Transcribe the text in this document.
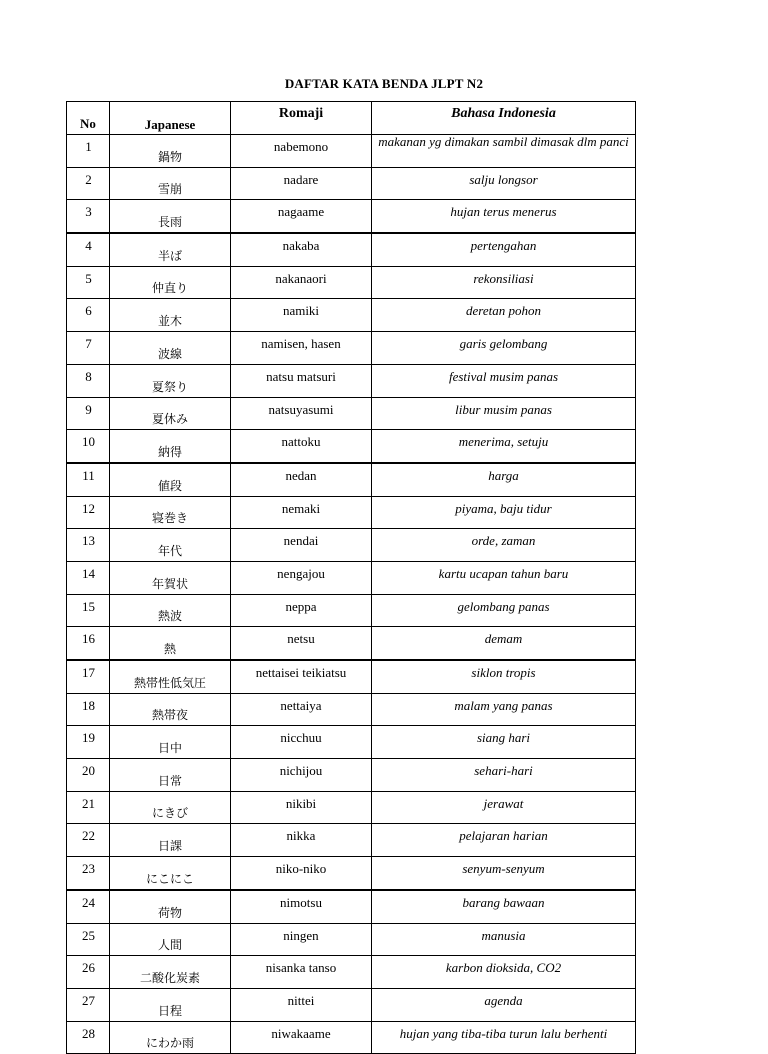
DAFTAR KATA BENDA JLPT N2
No	Japanese	Romaji	Bahasa Indonesia
1	鍋物	nabemono	makanan yg dimakan sambil dimasak dlm panci
2	雪崩	nadare	salju longsor
3	長雨	nagaame	hujan terus menerus
4	半ば	nakaba	pertengahan
5	仲直り	nakanaori	rekonsiliasi
6	並木	namiki	deretan pohon
7	波線	namisen, hasen	garis gelombang
8	夏祭り	natsu matsuri	festival musim panas
9	夏休み	natsuyasumi	libur musim panas
10	納得	nattoku	menerima, setuju
11	値段	nedan	harga
12	寝巻き	nemaki	piyama, baju tidur
13	年代	nendai	orde, zaman
14	年賀状	nengajou	kartu ucapan tahun baru
15	熱波	neppa	gelombang panas
16	熱	netsu	demam
17	熱帯性低気圧	nettaisei teikiatsu	siklon tropis
18	熱帯夜	nettaiya	malam yang panas
19	日中	nicchuu	siang hari
20	日常	nichijou	sehari-hari
21	にきび	nikibi	jerawat
22	日課	nikka	pelajaran harian
23	にこにこ	niko-niko	senyum-senyum
24	荷物	nimotsu	barang bawaan
25	人間	ningen	manusia
26	二酸化炭素	nisanka tanso	karbon dioksida, CO2
27	日程	nittei	agenda
28	にわか雨	niwakaame	hujan yang tiba-tiba turun lalu berhenti
